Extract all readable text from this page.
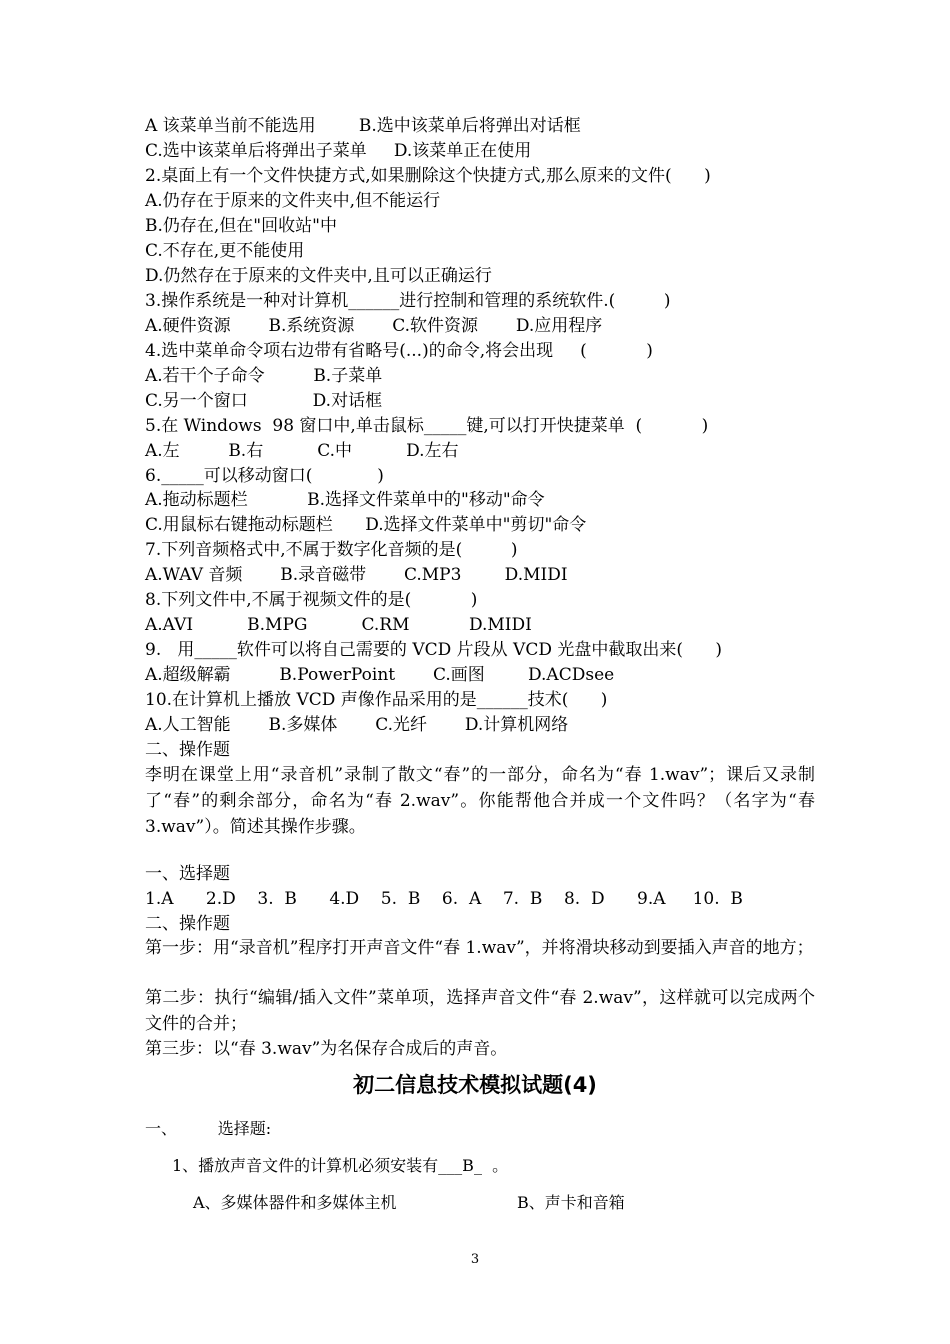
A 该菜单当前不能选用        B.选中该菜单后将弹出对话框
C.选中该菜单后将弹出子菜单     D.该菜单正在使用
2.桌面上有一个文件快捷方式,如果删除这个快捷方式,那么原来的文件(      )
A.仍存在于原来的文件夹中,但不能运行
B.仍存在,但在"回收站"中
C.不存在,更不能使用
D.仍然存在于原来的文件夹中,且可以正确运行
3.操作系统是一种对计算机______进行控制和管理的系统软件.(         )
A.硬件资源       B.系统资源       C.软件资源       D.应用程序
4.选中菜单命令项右边带有省略号(...)的命令,将会出现     (           )
A.若干个子命令         B.子菜单
C.另一个窗口            D.对话框
5.在 Windows  98 窗口中,单击鼠标_____键,可以打开快捷菜单  (           )
A.左         B.右          C.中          D.左右
6._____可以移动窗口(            )
A.拖动标题栏           B.选择文件菜单中的"移动"命令
C.用鼠标右键拖动标题栏      D.选择文件菜单中"剪切"命令
7.下列音频格式中,不属于数字化音频的是(         )
A.WAV 音频       B.录音磁带       C.MP3        D.MIDI
8.下列文件中,不属于视频文件的是(           )
A.AVI          B.MPG          C.RM           D.MIDI
9.   用_____软件可以将自己需要的 VCD 片段从 VCD 光盘中截取出来(      )
A.超级解霸         B.PowerPoint       C.画图        D.ACDsee
10.在计算机上播放 VCD 声像作品采用的是______技术(      )
A.人工智能       B.多媒体       C.光纤       D.计算机网络
二、操作题
李明在课堂上用“录音机”录制了散文“春”的一部分，命名为“春 1.wav”；课后又录制了“春”的剩余部分，命名为“春 2.wav”。你能帮他合并成一个文件吗？（名字为“春 3.wav”）。简述其操作步骤。
一、选择题
1.A      2.D    3.  B      4.D    5.  B    6.  A    7.  B    8.  D      9.A     10.  B
二、操作题
第一步：用“录音机”程序打开声音文件“春 1.wav”，并将滑块移动到要插入声音的地方；
第二步：执行“编辑/插入文件”菜单项，选择声音文件“春 2.wav”，这样就可以完成两个文件的合并；
第三步：以“春 3.wav”为名保存合成后的声音。
初二信息技术模拟试题(4)
一、        选择题:
1、播放声音文件的计算机必须安装有___B_  。
A、多媒体器件和多媒体主机	B、声卡和音箱
3
